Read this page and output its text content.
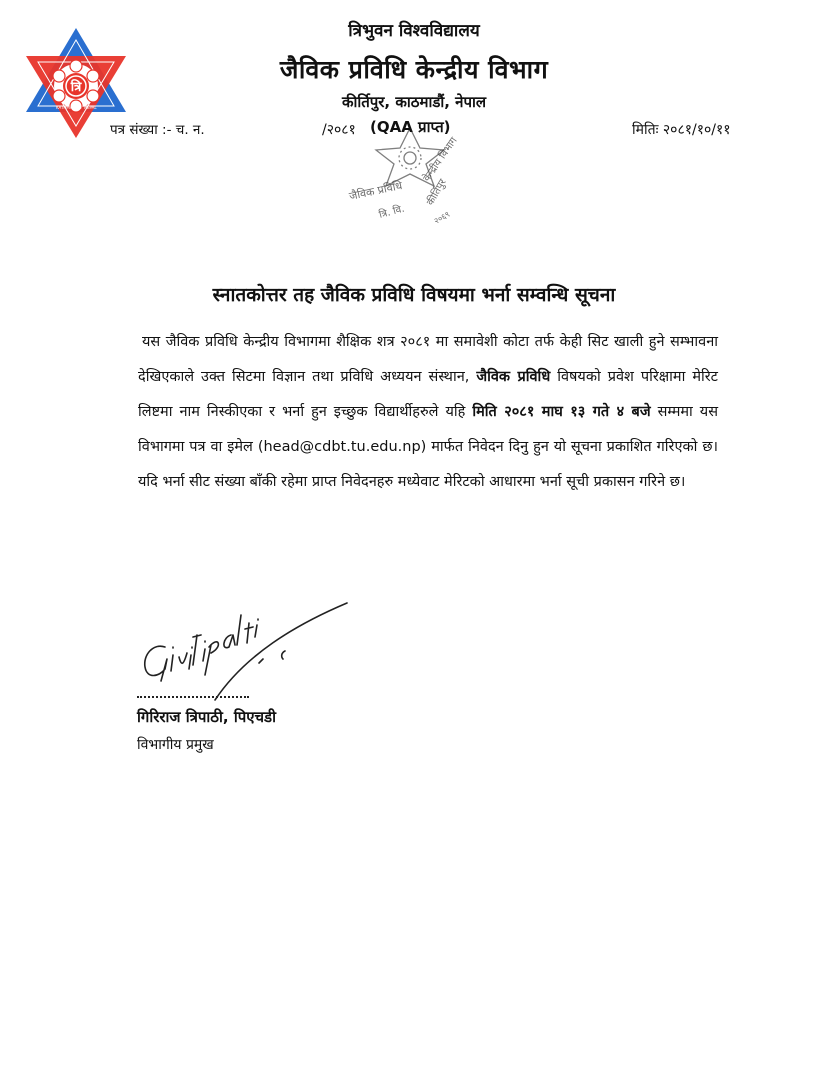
त्रि
KATHMANDU NEPAL
त्रिभुवन विश्वविद्यालय
जैविक प्रविधि केन्द्रीय विभाग
कीर्तिपुर, काठमाडौं, नेपाल
पत्र संख्या :- च. न.	/२०८१
जैविक प्रविधि
केन्द्रीय विभाग
त्रि. वि.
कीर्तिपुर
२०६९
(QAA प्राप्त)	मितिः २०८१/१०/११
स्नातकोत्तर तह जैविक प्रविधि विषयमा भर्ना सम्वन्धि सूचना
यस जैविक प्रविधि केन्द्रीय विभागमा शैक्षिक शत्र २०८१ मा समावेशी कोटा तर्फ केही सिट खाली हुने सम्भावना देखिएकाले उक्त सिटमा विज्ञान तथा प्रविधि अध्ययन संस्थान, जैविक प्रविधि विषयको प्रवेश परिक्षामा मेरिट लिष्टमा नाम निस्कीएका र भर्ना हुन इच्छुक विद्यार्थीहरुले यहि मिति २०८१ माघ १३ गते ४ बजे सम्ममा यस विभागमा पत्र वा इमेल (head@cdbt.tu.edu.np) मार्फत निवेदन दिनु हुन यो सूचना प्रकाशित गरिएको छ। यदि भर्ना सीट संख्या बाँकी रहेमा प्राप्त निवेदनहरु मध्येवाट मेरिटको आधारमा भर्ना सूची प्रकासन गरिने छ।
गिरिराज त्रिपाठी, पिएचडी
विभागीय प्रमुख
